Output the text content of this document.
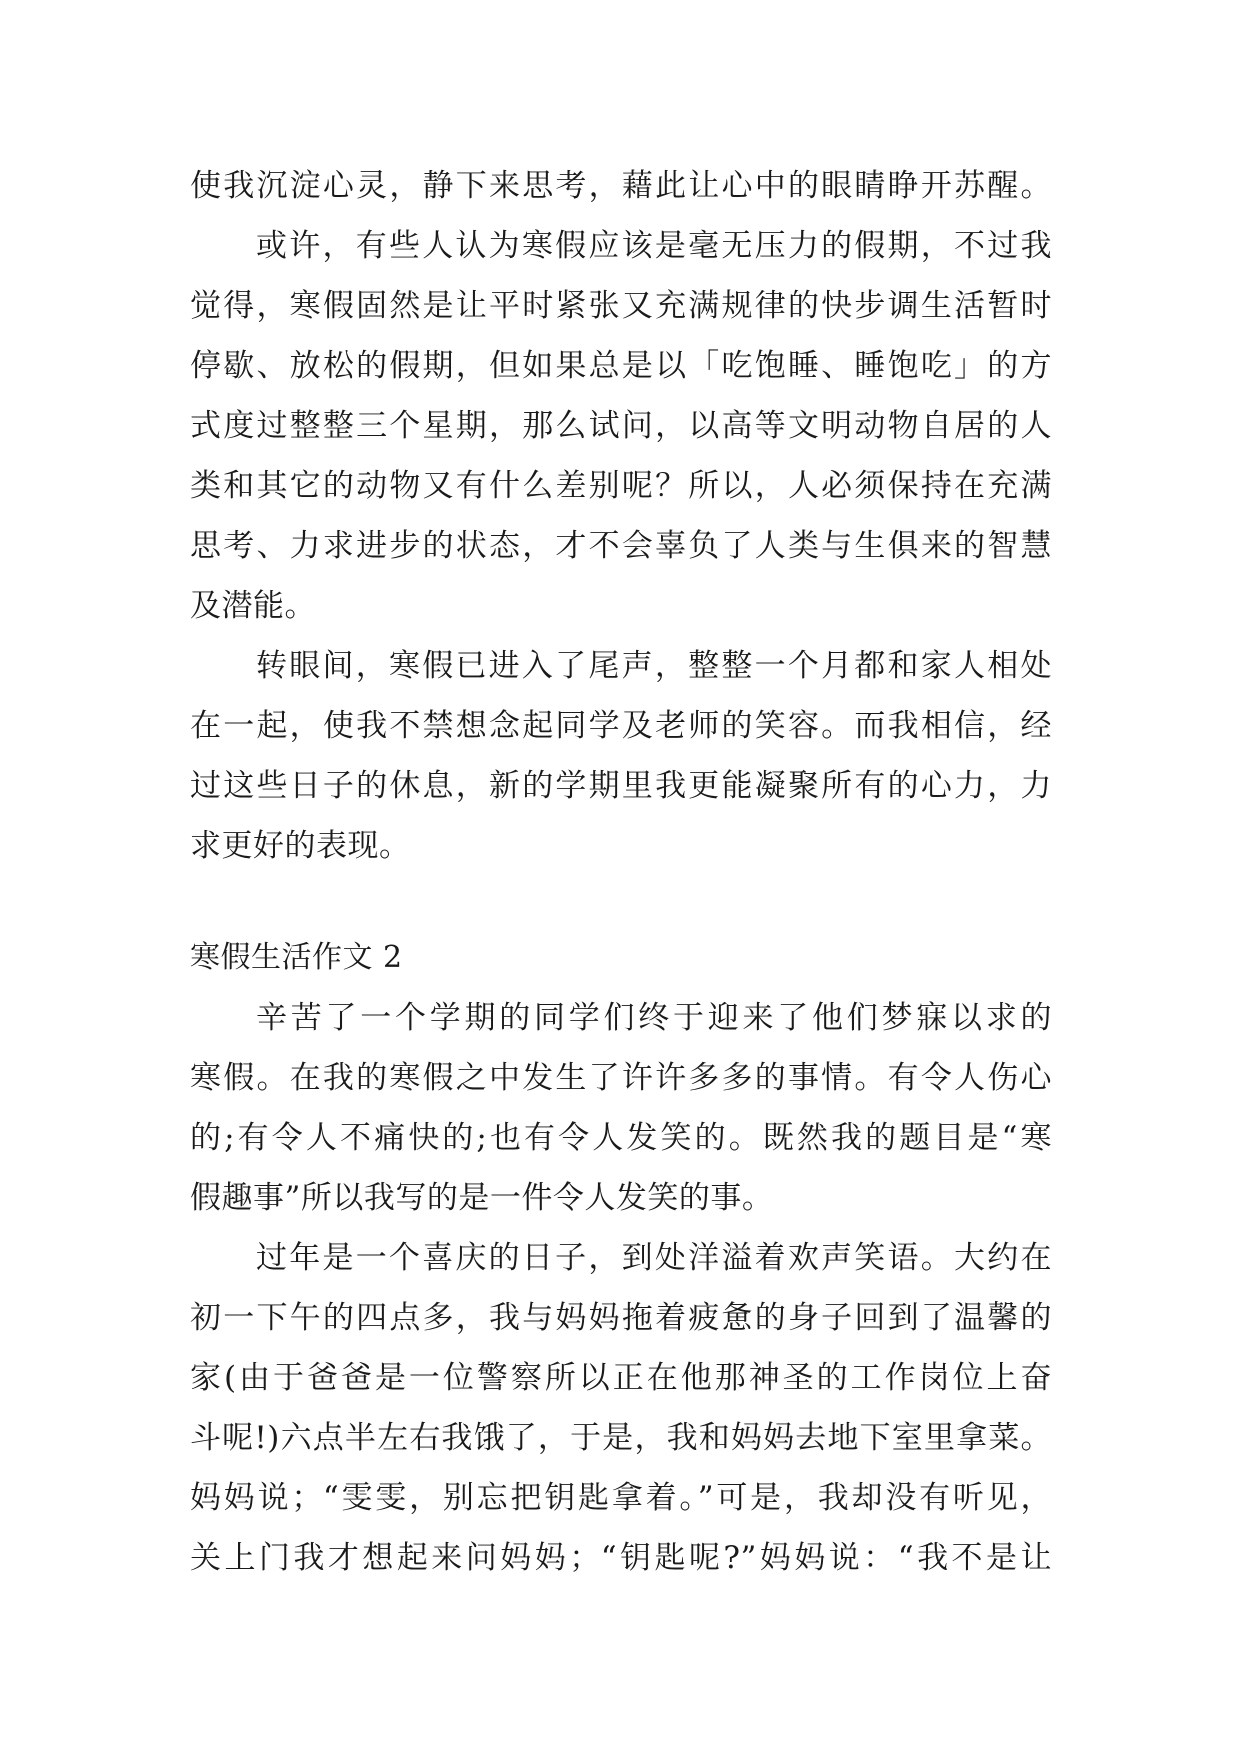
使我沉淀心灵，静下来思考，藉此让心中的眼睛睁开苏醒。
或许，有些人认为寒假应该是毫无压力的假期，不过我
觉得，寒假固然是让平时紧张又充满规律的快步调生活暂时
停歇、放松的假期，但如果总是以「吃饱睡、睡饱吃」的方
式度过整整三个星期，那么试问，以高等文明动物自居的人
类和其它的动物又有什么差别呢？所以，人必须保持在充满
思考、力求进步的状态，才不会辜负了人类与生俱来的智慧
及潜能。
转眼间，寒假已进入了尾声，整整一个月都和家人相处
在一起，使我不禁想念起同学及老师的笑容。而我相信，经
过这些日子的休息，新的学期里我更能凝聚所有的心力，力
求更好的表现。
寒假生活作文 2
辛苦了一个学期的同学们终于迎来了他们梦寐以求的
寒假。在我的寒假之中发生了许许多多的事情。有令人伤心
的;有令人不痛快的;也有令人发笑的。既然我的题目是“寒
假趣事”所以我写的是一件令人发笑的事。
过年是一个喜庆的日子，到处洋溢着欢声笑语。大约在
初一下午的四点多，我与妈妈拖着疲惫的身子回到了温馨的
家(由于爸爸是一位警察所以正在他那神圣的工作岗位上奋
斗呢!)六点半左右我饿了，于是，我和妈妈去地下室里拿菜。
妈妈说；“雯雯，别忘把钥匙拿着。”可是，我却没有听见，
关上门我才想起来问妈妈；“钥匙呢?”妈妈说：“我不是让
